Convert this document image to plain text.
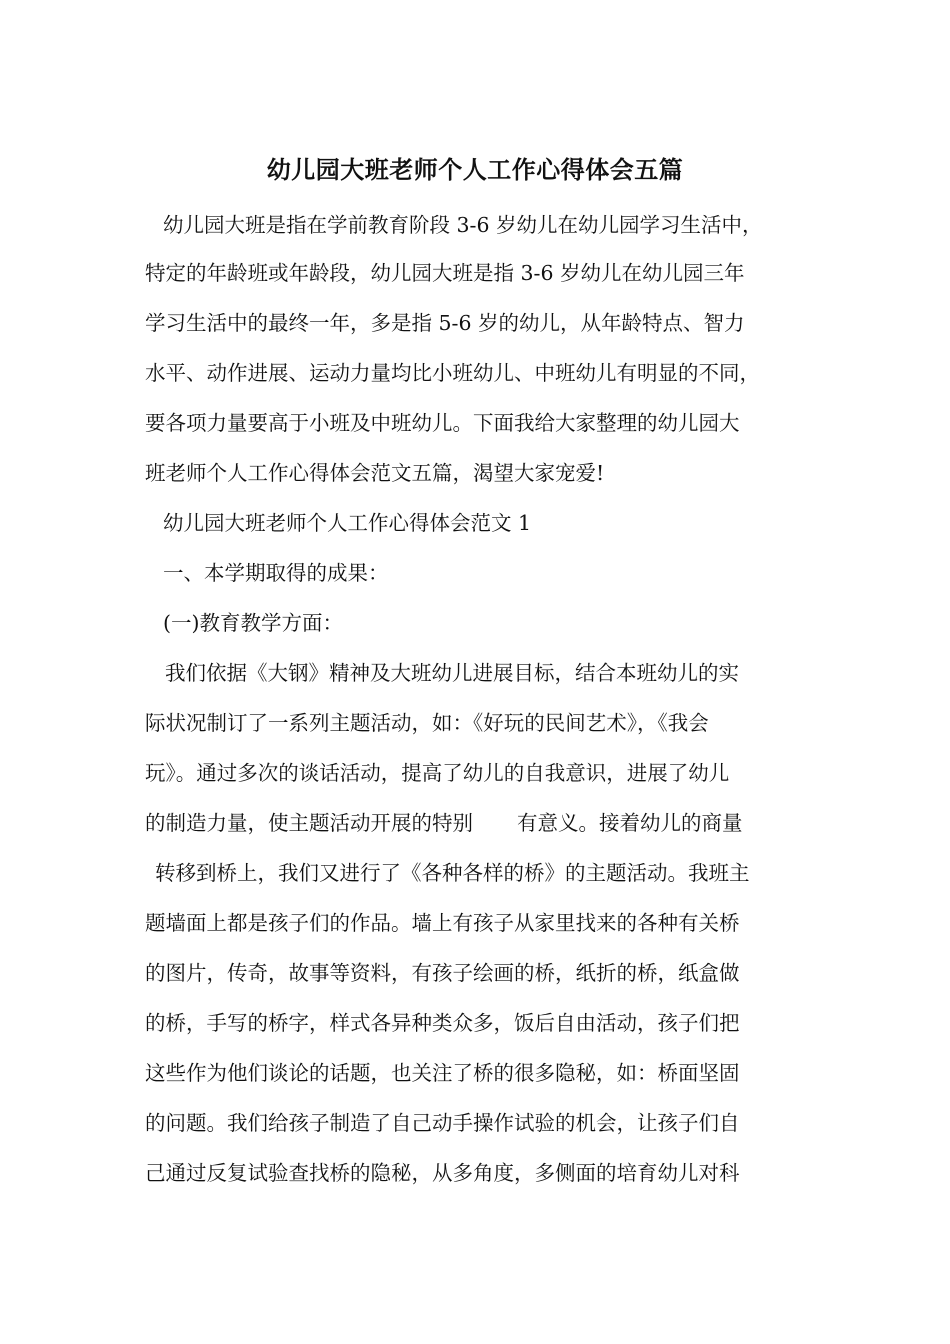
幼儿园大班老师个人工作心得体会五篇
幼儿园大班是指在学前教育阶段 3-6 岁幼儿在幼儿园学习生活中，
特定的年龄班或年龄段，幼儿园大班是指 3-6 岁幼儿在幼儿园三年
学习生活中的最终一年，多是指 5-6 岁的幼儿，从年龄特点、智力
水平、动作进展、运动力量均比小班幼儿、中班幼儿有明显的不同，
要各项力量要高于小班及中班幼儿。下面我给大家整理的幼儿园大
班老师个人工作心得体会范文五篇，渴望大家宠爱!
幼儿园大班老师个人工作心得体会范文 1
一、本学期取得的成果：
(一)教育教学方面：
我们依据《大钢》精神及大班幼儿进展目标，结合本班幼儿的实
际状况制订了一系列主题活动，如：《好玩的民间艺术》，《我会
玩》。通过多次的谈话活动，提高了幼儿的自我意识，进展了幼儿
的制造力量，使主题活动开展的特别 有意义。接着幼儿的商量
转移到桥上，我们又进行了《各种各样的桥》的主题活动。我班主
题墙面上都是孩子们的作品。墙上有孩子从家里找来的各种有关桥
的图片，传奇，故事等资料，有孩子绘画的桥，纸折的桥，纸盒做
的桥，手写的桥字，样式各异种类众多，饭后自由活动，孩子们把
这些作为他们谈论的话题，也关注了桥的很多隐秘，如：桥面坚固
的问题。我们给孩子制造了自己动手操作试验的机会，让孩子们自
己通过反复试验查找桥的隐秘，从多角度，多侧面的培育幼儿对科
